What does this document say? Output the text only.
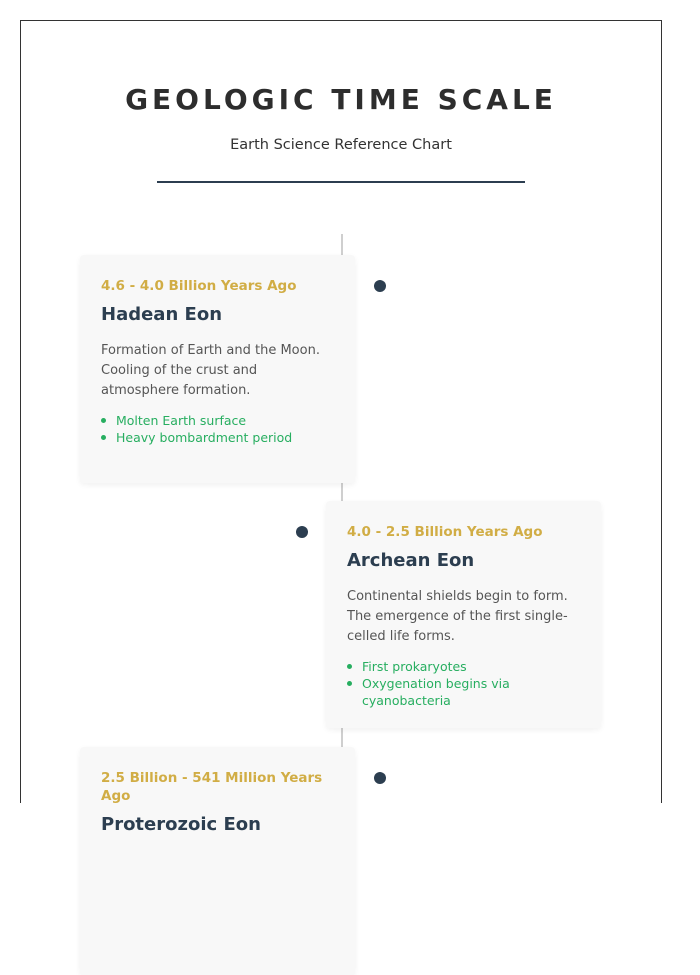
GEOLOGIC TIME SCALE

Earth Science Reference Chart

4.6 - 4.0 Billion Years Ago

Hadean Eon

Formation of Earth and the Moon. Cooling of the crust and atmosphere formation.

Molten Earth surface
Heavy bombardment period

4.0 - 2.5 Billion Years Ago

Archean Eon

Continental shields begin to form. The emergence of the first single-celled life forms.

First prokaryotes
Oxygenation begins via cyanobacteria

2.5 Billion - 541 Million Years Ago

Proterozoic Eon
